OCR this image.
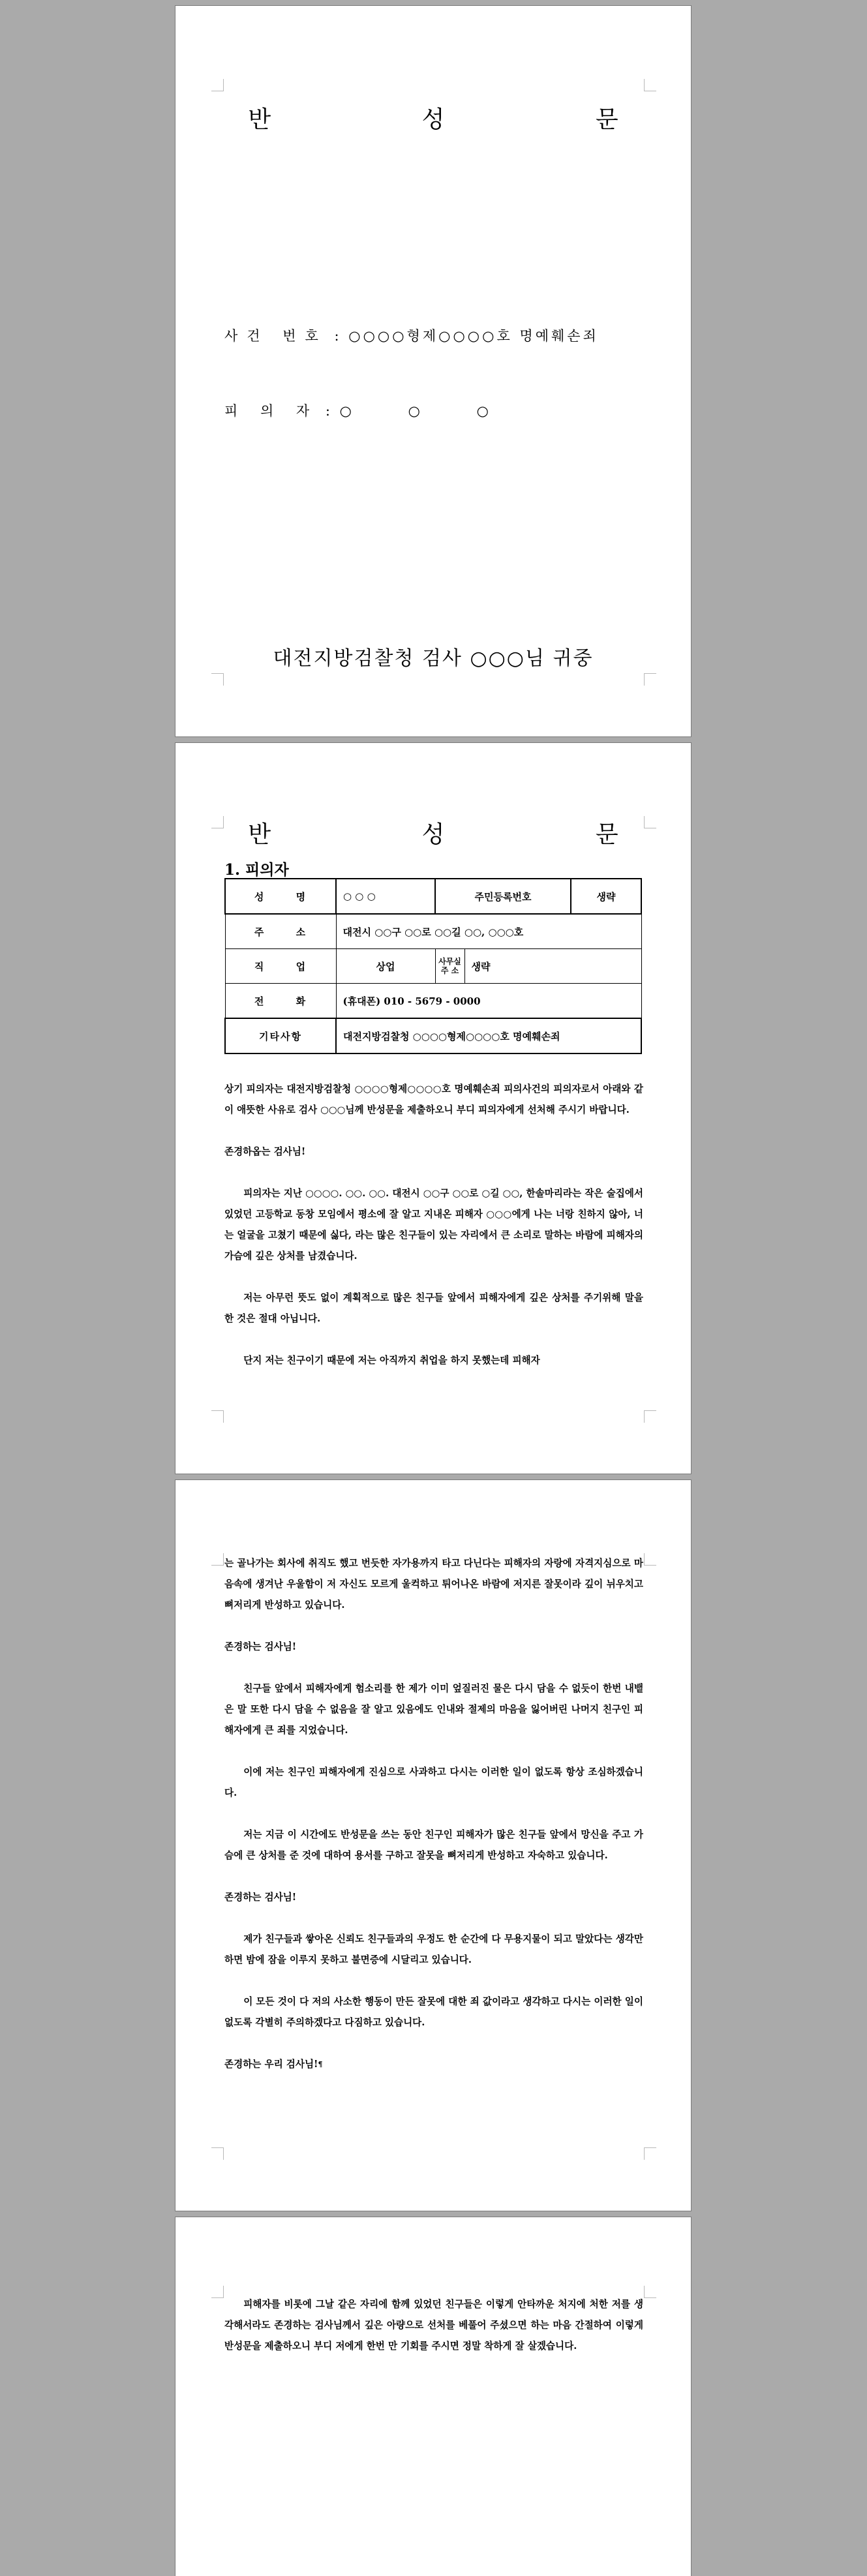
반 성 문
사건 번호 : ○○○○형제○○○○호 명예훼손죄
피 의 자 : ○ ○ ○
대전지방검찰청 검사 ○○○님 귀중
반 성 문
1. 피의자
성 명	○ ○ ○	주민등록번호		생략
주 소	대전시 ○○구 ○○로 ○○길 ○○, ○○○호			
직 업	상업	사무실 주 소	생략	
전 화	(휴대폰) 010 - 5679 - 0000			
기타사항	대전지방검찰청 ○○○○형제○○○○호 명예훼손죄			

상기 피의자는 대전지방검찰청 ○○○○형제○○○○호 명예훼손죄 피의사건의 피의자로서 아래와 같이 애뜻한 사유로 검사 ○○○님께 반성문을 제출하오니 부디 피의자에게 선처해 주시기 바랍니다.

존경하옵는 검사님!

피의자는 지난 ○○○○. ○○. ○○. 대전시 ○○구 ○○로 ○길 ○○, 한솔마리라는 작은 술집에서 있었던 고등학교 동창 모임에서 평소에 잘 알고 지내온 피해자 ○○○에게 나는 너랑 친하지 않아, 너는 얼굴을 고쳤기 때문에 싫다, 라는 많은 친구들이 있는 자리에서 큰 소리로 말하는 바람에 피해자의 가슴에 깊은 상처를 남겼습니다.

저는 아무런 뜻도 없이 계획적으로 많은 친구들 앞에서 피해자에게 깊은 상처를 주기위해 말을 한 것은 절대 아닙니다.

단지 저는 친구이기 때문에 저는 아직까지 취업을 하지 못했는데 피해자

는 골나가는 회사에 취직도 했고 번듯한 자가용까지 타고 다닌다는 피해자의 자랑에 자격지심으로 마음속에 생겨난 우울함이 저 자신도 모르게 울컥하고 튀어나온 바람에 저지른 잘못이라 깊이 뉘우치고 뼈저리게 반성하고 있습니다.

존경하는 검사님!

친구들 앞에서 피해자에게 험소리를 한 제가 이미 엎질러진 물은 다시 담을 수 없듯이 한번 내뱉은 말 또한 다시 담을 수 없음을 잘 알고 있음에도 인내와 절제의 마음을 잃어버린 나머지 친구인 피해자에게 큰 죄를 지었습니다.

이에 저는 친구인 피해자에게 진심으로 사과하고 다시는 이러한 일이 없도록 항상 조심하겠습니다.

저는 지금 이 시간에도 반성문을 쓰는 동안 친구인 피해자가 많은 친구들 앞에서 망신을 주고 가슴에 큰 상처를 준 것에 대하여 용서를 구하고 잘못을 뼈저리게 반성하고 자숙하고 있습니다.

존경하는 검사님!

제가 친구들과 쌓아온 신뢰도 친구들과의 우정도 한 순간에 다 무용지물이 되고 말았다는 생각만 하면 밤에 잠을 이루지 못하고 불면증에 시달리고 있습니다.

이 모든 것이 다 저의 사소한 행동이 만든 잘못에 대한 죄 값이라고 생각하고 다시는 이러한 일이 없도록 각별히 주의하겠다고 다짐하고 있습니다.

존경하는 우리 검사님!¶

피해자를 비롯에 그날 같은 자리에 함께 있었던 친구들은 이렇게 안타까운 처지에 처한 저를 생각해서라도 존경하는 검사님께서 깊은 아량으로 선처를 베풀어 주셨으면 하는 마음 간절하여 이렇게 반성문을 제출하오니 부디 저에게 한번 만 기회를 주시면 정말 착하게 잘 살겠습니다.
